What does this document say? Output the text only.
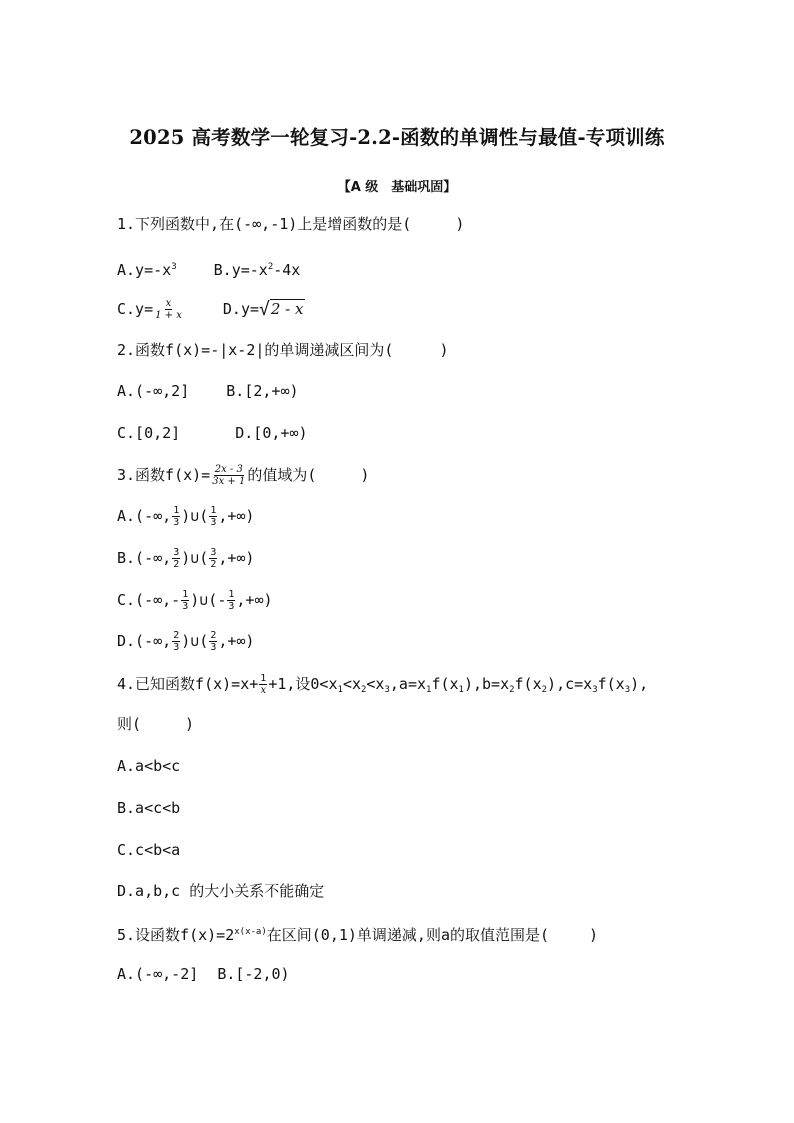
2025 高考数学一轮复习-2.2-函数的单调性与最值-专项训练
【A 级　基础巩固】
1.下列函数中,在(-∞,-1)上是增函数的是(	)
$A.y=-x^3$ $B.y=-x^2-4x$
$C.y= \frac{x}{1 + x}$	D.y=√2 - x
2.函数f(x)=-|x-2|的单调递减区间为(	)
A.(-∞,2] B.[2,+∞)
C.[0,2]	D.[0,+∞)
3.函数$f(x)= \frac{2x - 3}{3x + 1}$ 的值域为(	)
A.(-∞, $\frac{1}{3}$ )∪( $\frac{1}{3}$ ,+∞)
B.(-∞, $\frac{3}{2}$ )∪( $\frac{3}{2}$ ,+∞)
$C.(-\infty,- \frac{1}{3}$ )∪(- $\frac{1}{3}$ ,+∞)
D.(-∞, $\frac{2}{3}$ )∪( $\frac{2}{3}$ ,+∞)
4.已知函数$f(x)=x+ \frac{1}{x} +1$,设$0<x_1<x_2<x_3,a=x_1f(x_1),b=x_2f(x_2),c=x_3f(x_3)$,
则(	)
A.a<b<c
B.a<c<b
C.c<b<a
D.a,b,c 的大小关系不能确定
5.设函数$f(x)=2^{x(x-a)}$在区间(0,1)单调递减,则a的取值范围是(	)
A.(-∞,-2] B.[-2,0)
